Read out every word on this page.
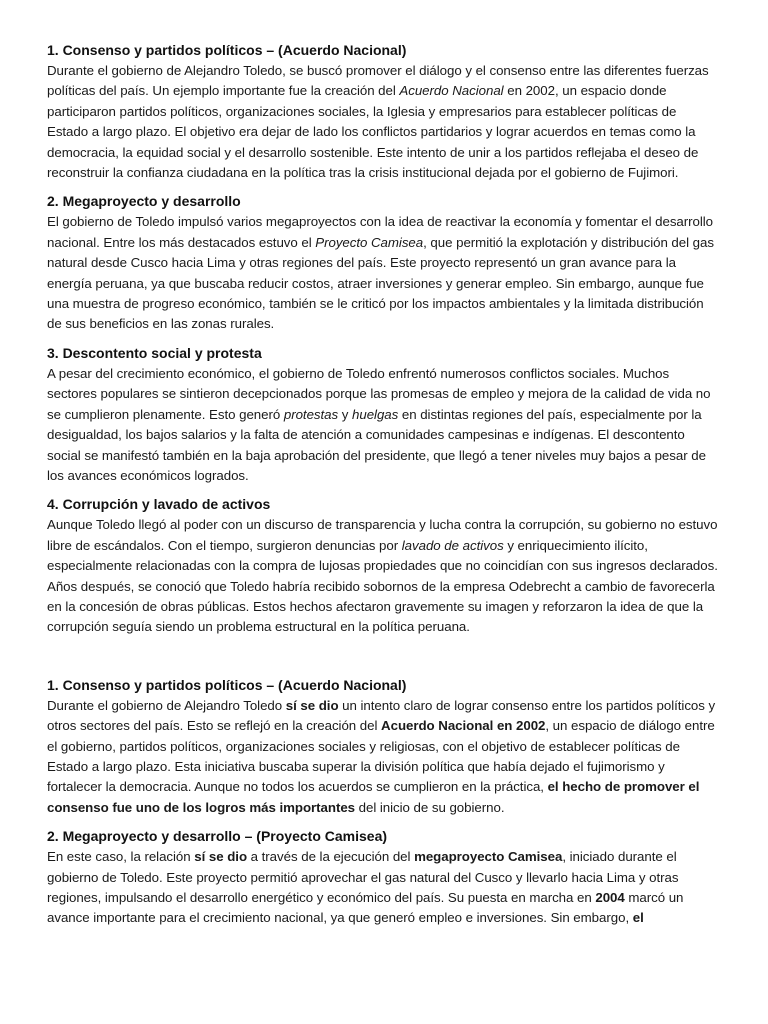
1. Consenso y partidos políticos – (Acuerdo Nacional)

Durante el gobierno de Alejandro Toledo, se buscó promover el diálogo y el consenso entre las diferentes fuerzas políticas del país. Un ejemplo importante fue la creación del Acuerdo Nacional en 2002, un espacio donde participaron partidos políticos, organizaciones sociales, la Iglesia y empresarios para establecer políticas de Estado a largo plazo. El objetivo era dejar de lado los conflictos partidarios y lograr acuerdos en temas como la democracia, la equidad social y el desarrollo sostenible. Este intento de unir a los partidos reflejaba el deseo de reconstruir la confianza ciudadana en la política tras la crisis institucional dejada por el gobierno de Fujimori.

2. Megaproyecto y desarrollo

El gobierno de Toledo impulsó varios megaproyectos con la idea de reactivar la economía y fomentar el desarrollo nacional. Entre los más destacados estuvo el Proyecto Camisea, que permitió la explotación y distribución del gas natural desde Cusco hacia Lima y otras regiones del país. Este proyecto representó un gran avance para la energía peruana, ya que buscaba reducir costos, atraer inversiones y generar empleo. Sin embargo, aunque fue una muestra de progreso económico, también se le criticó por los impactos ambientales y la limitada distribución de sus beneficios en las zonas rurales.

3. Descontento social y protesta

A pesar del crecimiento económico, el gobierno de Toledo enfrentó numerosos conflictos sociales. Muchos sectores populares se sintieron decepcionados porque las promesas de empleo y mejora de la calidad de vida no se cumplieron plenamente. Esto generó protestas y huelgas en distintas regiones del país, especialmente por la desigualdad, los bajos salarios y la falta de atención a comunidades campesinas e indígenas. El descontento social se manifestó también en la baja aprobación del presidente, que llegó a tener niveles muy bajos a pesar de los avances económicos logrados.

4. Corrupción y lavado de activos

Aunque Toledo llegó al poder con un discurso de transparencia y lucha contra la corrupción, su gobierno no estuvo libre de escándalos. Con el tiempo, surgieron denuncias por lavado de activos y enriquecimiento ilícito, especialmente relacionadas con la compra de lujosas propiedades que no coincidían con sus ingresos declarados. Años después, se conoció que Toledo habría recibido sobornos de la empresa Odebrecht a cambio de favorecerla en la concesión de obras públicas. Estos hechos afectaron gravemente su imagen y reforzaron la idea de que la corrupción seguía siendo un problema estructural en la política peruana.

1. Consenso y partidos políticos – (Acuerdo Nacional)

Durante el gobierno de Alejandro Toledo sí se dio un intento claro de lograr consenso entre los partidos políticos y otros sectores del país. Esto se reflejó en la creación del Acuerdo Nacional en 2002, un espacio de diálogo entre el gobierno, partidos políticos, organizaciones sociales y religiosas, con el objetivo de establecer políticas de Estado a largo plazo. Esta iniciativa buscaba superar la división política que había dejado el fujimorismo y fortalecer la democracia. Aunque no todos los acuerdos se cumplieron en la práctica, el hecho de promover el consenso fue uno de los logros más importantes del inicio de su gobierno.

2. Megaproyecto y desarrollo – (Proyecto Camisea)

En este caso, la relación sí se dio a través de la ejecución del megaproyecto Camisea, iniciado durante el gobierno de Toledo. Este proyecto permitió aprovechar el gas natural del Cusco y llevarlo hacia Lima y otras regiones, impulsando el desarrollo energético y económico del país. Su puesta en marcha en 2004 marcó un avance importante para el crecimiento nacional, ya que generó empleo e inversiones. Sin embargo, el
